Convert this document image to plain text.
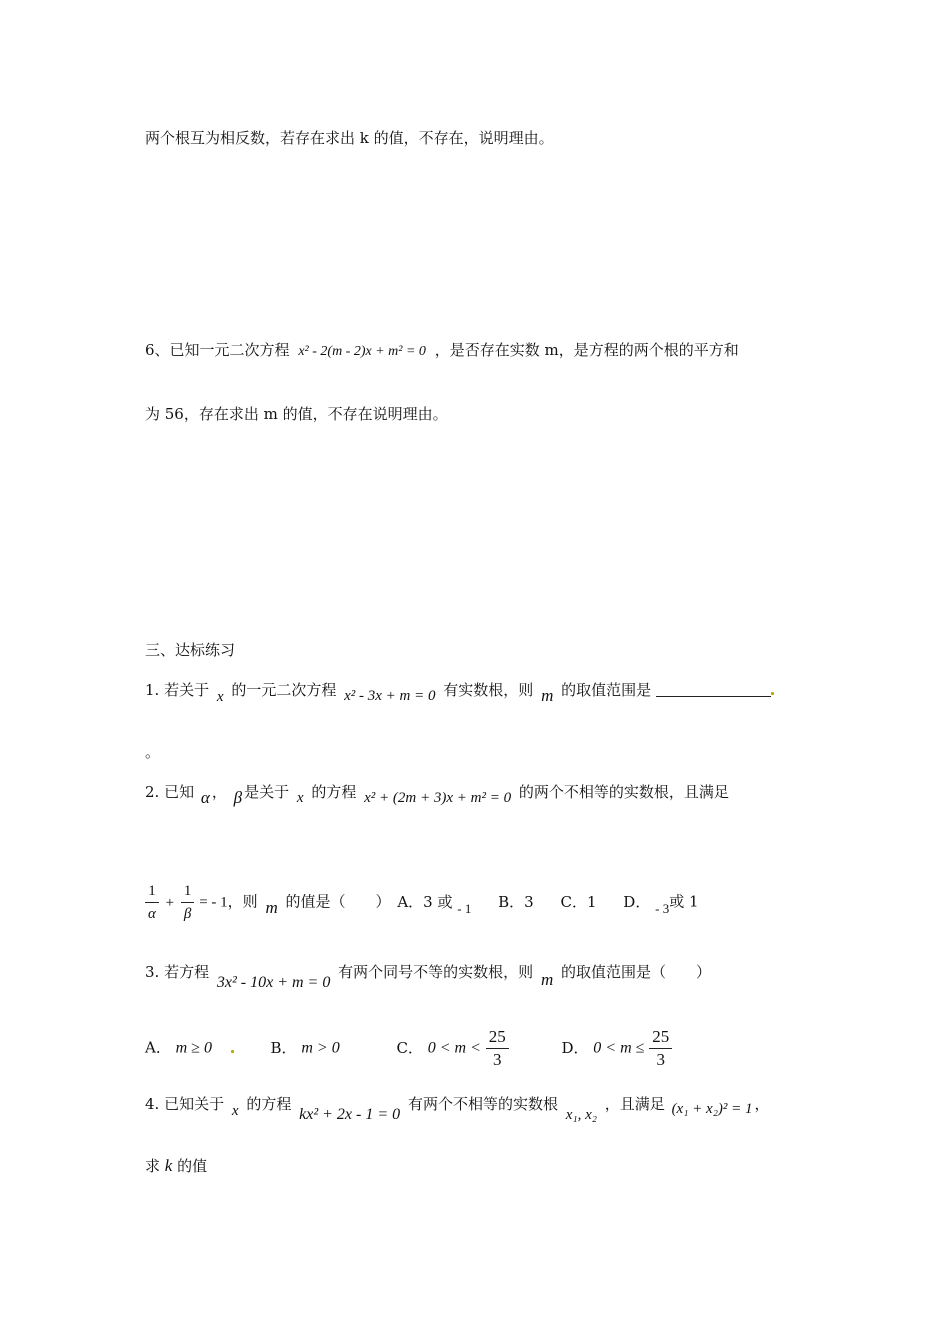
两个根互为相反数，若存在求出 k 的值，不存在，说明理由。
6、已知一元二次方程 x² - 2(m - 2)x + m² = 0 ，是否存在实数 m，是方程的两个根的平方和
为 56，存在求出 m 的值，不存在说明理由。
三、达标练习
1. 若关于 x 的一元二次方程 x² - 3x + m = 0 有实数根，则 m 的取值范围是
。
2. 已知 α ， β 是关于 x 的方程 x² + (2m + 3)x + m² = 0 的两个不相等的实数根，且满足
$\frac{1}{\alpha} + \frac{1}{\beta}$ = - 1，则 m 的值是（　　） A．3 或 - 1 B．3 C．1 D． - 3或 1
3. 若方程 3x² - 10x + m = 0 有两个同号不等的实数根，则 m 的取值范围是（　　）
A． m ≥ 0	B． m > 0	C． $0 < m < \frac{25}{3}$	D． $0 < m \le \frac{25}{3}$
4. 已知关于 x 的方程 kx² + 2x - 1 = 0 有两个不相等的实数根 x₁, x₂ ，且满足 (x₁ + x₂)² = 1 ，
求 k 的值
